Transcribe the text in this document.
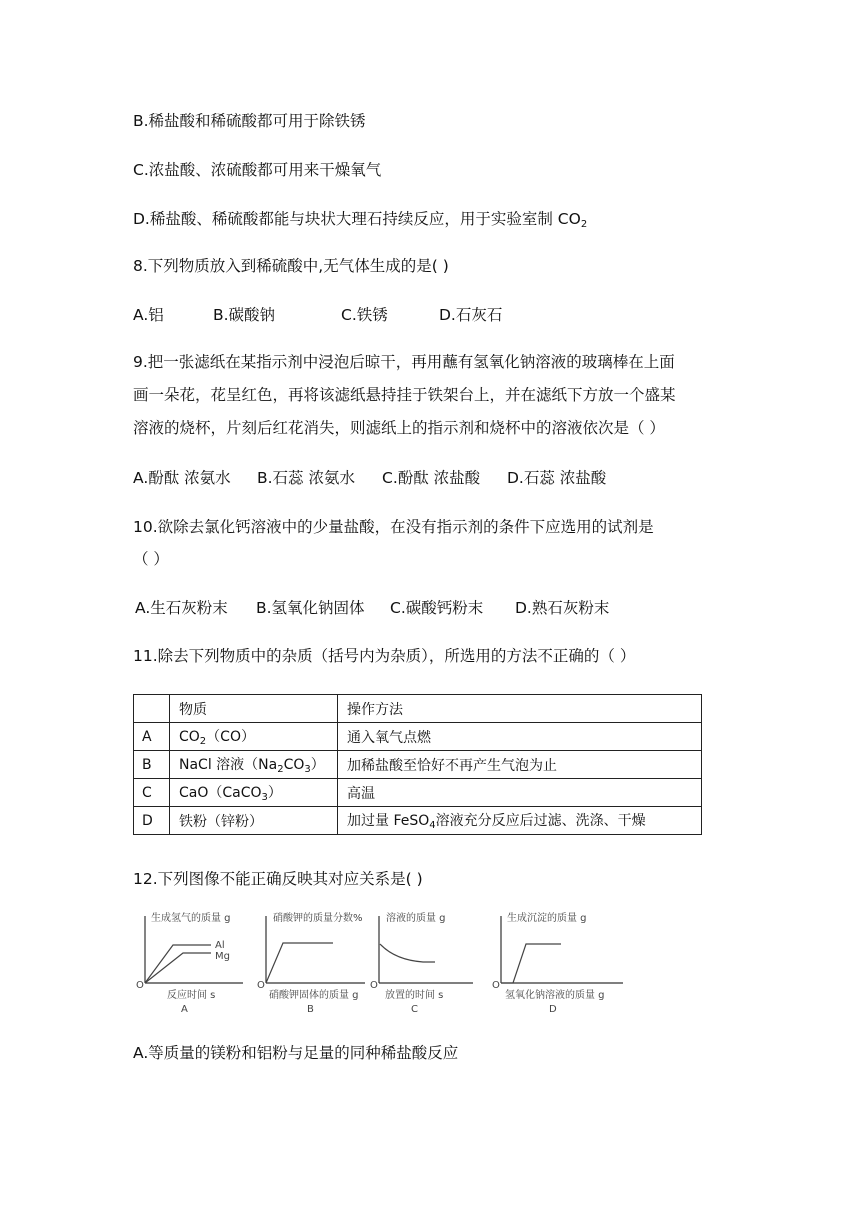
B.稀盐酸和稀硫酸都可用于除铁锈
C.浓盐酸、浓硫酸都可用来干燥氧气
D.稀盐酸、稀硫酸都能与块状大理石持续反应，用于实验室制 $CO_2$
8.下列物质放入到稀硫酸中,无气体生成的是( )
A.铝	B.碳酸钠	C.铁锈	D.石灰石
9.把一张滤纸在某指示剂中浸泡后晾干，再用蘸有氢氧化钠溶液的玻璃棒在上面
画一朵花，花呈红色，再将该滤纸悬持挂于铁架台上，并在滤纸下方放一个盛某
溶液的烧杯，片刻后红花消失，则滤纸上的指示剂和烧杯中的溶液依次是（ ）
A.酚酞 浓氨水 B.石蕊 浓氨水 C.酚酞 浓盐酸 D.石蕊 浓盐酸
10.欲除去氯化钙溶液中的少量盐酸，在没有指示剂的条件下应选用的试剂是
（ ）
A.生石灰粉末 B.氢氧化钠固体 C.碳酸钙粉末 D.熟石灰粉末
11.除去下列物质中的杂质（括号内为杂质），所选用的方法不正确的（ ）
	物质	操作方法
A	$CO_2(CO)$	通入氧气点燃
B	NaCl 溶液$(Na_2CO_3)$	加稀盐酸至恰好不再产生气泡为止
C	CaO（CaCO$_3$）	高温
D	铁粉（锌粉）	加过量 FeSO$_4$溶液充分反应后过滤、洗涤、干燥
12.下列图像不能正确反映其对应关系是( )
生成氢气的质量 g
Al
Mg
O
反应时间 s
A
硝酸钾的质量分数%
O
硝酸钾固体的质量 g
B
溶液的质量 g
O
放置的时间 s
C
生成沉淀的质量 g
O
氢氧化钠溶液的质量 g
D
A.等质量的镁粉和铝粉与足量的同种稀盐酸反应
